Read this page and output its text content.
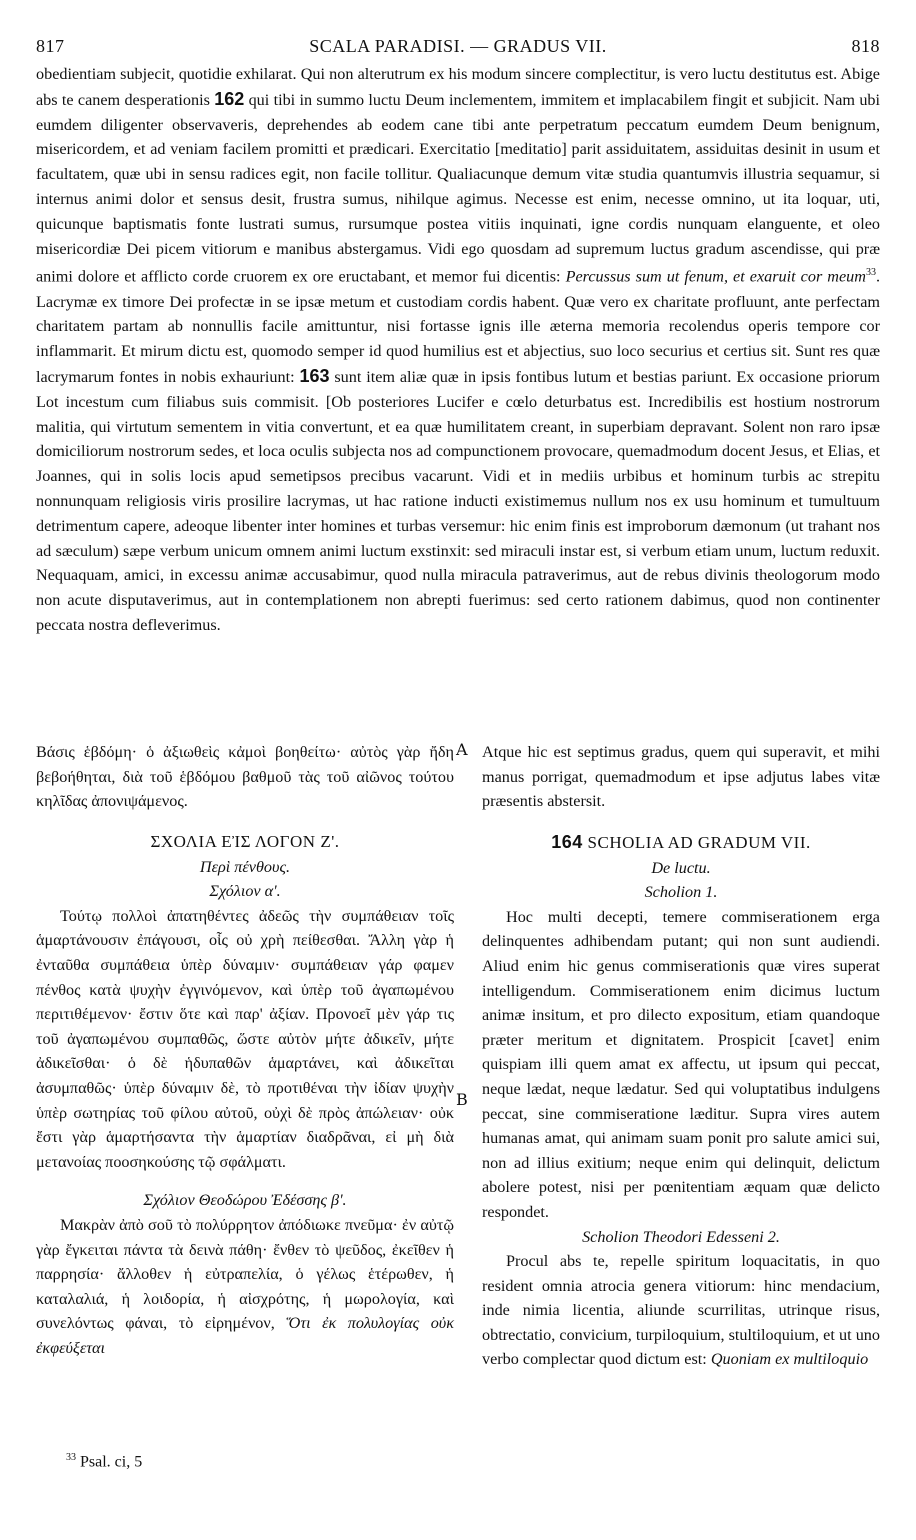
817	SCALA PARADISI. — GRADUS VII.	818
obedientiam subjecit, quotidie exhilarat. Qui non alterutrum ex his modum sincere complectitur, is vero luctu destitutus est. Abige abs te canem desperationis 162 qui tibi in summo luctu Deum inclementem, immitem et implacabilem fingit et subjicit. Nam ubi eumdem diligenter observaveris, deprehendes ab eodem cane tibi ante perpetratum peccatum eumdem Deum benignum, misericordem, et ad veniam facilem promitti et prædicari. Exercitatio [meditatio] parit assiduitatem, assiduitas desinit in usum et facultatem, quæ ubi in sensu radices egit, non facile tollitur. Qualiacunque demum vitæ studia quantumvis illustria sequamur, si internus animi dolor et sensus desit, frustra sumus, nihilque agimus. Necesse est enim, necesse omnino, ut ita loquar, uti, quicunque baptismatis fonte lustrati sumus, rursumque postea vitiis inquinati, igne cordis nunquam elanguente, et oleo misericordiæ Dei picem vitiorum e manibus abstergamus. Vidi ego quosdam ad supremum luctus gradum ascendisse, qui præ animi dolore et afflicto corde cruorem ex ore eructabant, et memor fui dicentis: Percussus sum ut fenum, et exaruit cor meum$^{33}$. Lacrymæ ex timore Dei profectæ in se ipsæ metum et custodiam cordis habent. Quæ vero ex charitate profluunt, ante perfectam charitatem partam ab nonnullis facile amittuntur, nisi fortasse ignis ille æterna memoria recolendus operis tempore cor inflammarit. Et mirum dictu est, quomodo semper id quod humilius est et abjectius, suo loco securius et certius sit. Sunt res quæ lacrymarum fontes in nobis exhauriunt: 163 sunt item aliæ quæ in ipsis fontibus lutum et bestias pariunt. Ex occasione priorum Lot incestum cum filiabus suis commisit. [Ob posteriores Lucifer e cœlo deturbatus est. Incredibilis est hostium nostrorum malitia, qui virtutum sementem in vitia convertunt, et ea quæ humilitatem creant, in superbiam depravant. Solent non raro ipsæ domiciliorum nostrorum sedes, et loca oculis subjecta nos ad compunctionem provocare, quemadmodum docent Jesus, et Elias, et Joannes, qui in solis locis apud semetipsos precibus vacarunt. Vidi et in mediis urbibus et hominum turbis ac strepitu nonnunquam religiosis viris prosilire lacrymas, ut hac ratione inducti existimemus nullum nos ex usu hominum et tumultuum detrimentum capere, adeoque libenter inter homines et turbas versemur: hic enim finis est improborum dæmonum (ut trahant nos ad sæculum) sæpe verbum unicum omnem animi luctum exstinxit: sed miraculi instar est, si verbum etiam unum, luctum reduxit. Nequaquam, amici, in excessu animæ accusabimur, quod nulla miracula patraverimus, aut de rebus divinis theologorum modo non acute disputaverimus, aut in contemplationem non abrepti fuerimus: sed certo rationem dabimus, quod non continenter peccata nostra defleverimus.
Βάσις ἑβδόμη· ὁ ἀξιωθεὶς κἀμοὶ βοηθείτω· αὐτὸς γὰρ ἤδη βεβοήθηται, διὰ τοῦ ἑβδόμου βαθμοῦ τὰς τοῦ αἰῶνος τούτου κηλῖδας ἀπονιψάμενος.
Atque hic est septimus gradus, quem qui superavit, et mihi manus porrigat, quemadmodum et ipse adjutus labes vitæ præsentis abstersit.
A

ΣΧΟΛΙΑ ΕἸΣ ΛΟΓΟΝ Ζ'.

Περὶ πένθους.

Σχόλιον α'.

Τούτῳ πολλοὶ ἀπατηθέντες ἀδεῶς τὴν συμπάθειαν τοῖς ἁμαρτάνουσιν ἐπάγουσι, οἷς οὐ χρὴ πείθεσθαι. Ἄλλη γὰρ ἡ ἐνταῦθα συμπάθεια ὑπὲρ δύναμιν· συμπάθειαν γάρ φαμεν πένθος κατὰ ψυχὴν ἐγγινόμενον, καὶ ὑπὲρ τοῦ ἀγαπωμένου περιτιθέμενον· ἔστιν ὅτε καὶ παρ' ἀξίαν. Προνοεῖ μὲν γάρ τις τοῦ ἀγαπωμένου συμπαθῶς, ὥστε αὐτὸν μήτε ἀδικεῖν, μήτε ἀδικεῖσθαι· ὁ δὲ ἡδυπαθῶν ἁμαρτάνει, καὶ ἀδικεῖται ἀσυμπαθῶς· ὑπὲρ δύναμιν δὲ, τὸ προτιθέναι τὴν ἰδίαν ψυχὴν ὑπὲρ σωτηρίας τοῦ φίλου αὐτοῦ, οὐχὶ δὲ πρὸς ἀπώλειαν· οὐκ ἔστι γὰρ ἁμαρτήσαντα τὴν ἁμαρτίαν διαδρᾶναι, εἰ μὴ διὰ μετανοίας ποοσηκούσης τῷ σφάλματι.

Σχόλιον Θεοδώρου Ἐδέσσης β'.

Μακρὰν ἀπὸ σοῦ τὸ πολύρρητον ἀπόδιωκε πνεῦμα· ἐν αὐτῷ γὰρ ἔγκειται πάντα τὰ δεινὰ πάθη· ἔνθεν τὸ ψεῦδος, ἐκεῖθεν ἡ παρρησία· ἄλλοθεν ἡ εὐτραπελία, ὁ γέλως ἑτέρωθεν, ἡ καταλαλιά, ἡ λοιδορία, ἡ αἰσχρότης, ἡ μωρολογία, καὶ συνελόντως φάναι, τὸ εἰρημένον, Ὅτι ἐκ πολυλογίας οὐκ ἐκφεύξεται

164 SCHOLIA AD GRADUM VII.

De luctu.

Scholion 1.

Hoc multi decepti, temere commiserationem erga delinquentes adhibendam putant; qui non sunt audiendi. Aliud enim hic genus commiserationis quæ vires superat intelligendum. Commiserationem enim dicimus luctum animæ insitum, et pro dilecto expositum, etiam quandoque præter meritum et dignitatem. Prospicit [cavet] enim quispiam illi quem amat ex affectu, ut ipsum qui peccat, neque lædat, neque lædatur. Sed qui voluptatibus indulgens peccat, sine commiseratione læditur. Supra vires autem humanas amat, qui animam suam ponit pro salute amici sui, non ad illius exitium; neque enim qui delinquit, delictum abolere potest, nisi per pœnitentiam æquam quæ delicto respondet.

Scholion Theodori Edesseni 2.

Procul abs te, repelle spiritum loquacitatis, in quo resident omnia atrocia genera vitiorum: hinc mendacium, inde nimia licentia, aliunde scurrilitas, utrinque risus, obtrectatio, convicium, turpiloquium, stultiloquium, et ut uno verbo complectar quod dictum est: Quoniam ex multiloquio

B
$^{33}$ Psal. ci, 5
